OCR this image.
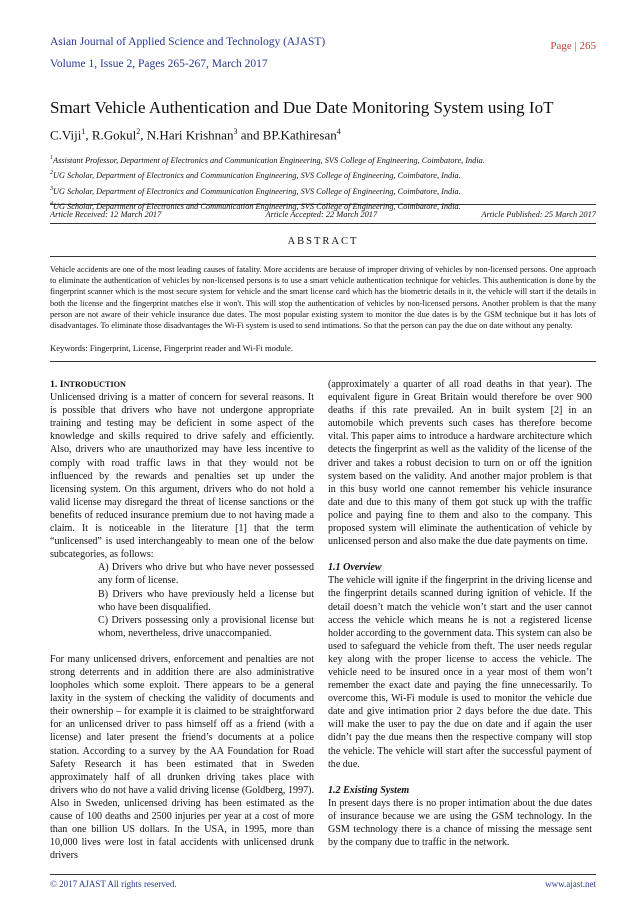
Asian Journal of Applied Science and Technology (AJAST)
Volume 1, Issue 2, Pages 265-267, March 2017
Page | 265
Smart Vehicle Authentication and Due Date Monitoring System using IoT
C.Viji$^1$, R.Gokul$^2$, N.Hari Krishnan$^3$ and BP.Kathiresan$^4$
$^1$Assistant Professor, Department of Electronics and Communication Engineering, SVS College of Engineering, Coimbatore, India.
$^2$UG Scholar, Department of Electronics and Communication Engineering, SVS College of Engineering, Coimbatore, India.
$^3$UG Scholar, Department of Electronics and Communication Engineering, SVS College of Engineering, Coimbatore, India.
$^4$UG Scholar, Department of Electronics and Communication Engineering, SVS College of Engineering, Coimbatore, India.
Article Received: 12 March 2017	Article Accepted: 22 March 2017	Article Published: 25 March 2017
ABSTRACT
Vehicle accidents are one of the most leading causes of fatality. More accidents are because of improper driving of vehicles by non-licensed persons. One approach to eliminate the authentication of vehicles by non-licensed persons is to use a smart vehicle authentication technique for vehicles. This authentication is done by the fingerprint scanner which is the most secure system for vehicle and the smart license card which has the biometric details in it, the vehicle will start if the details in both the license and the fingerprint matches else it won't. This will stop the authentication of vehicles by non-licensed persons. Another problem is that the many person are not aware of their vehicle insurance due dates. The most popular existing system to monitor the due dates is by the GSM technique but it has lots of disadvantages. To eliminate those disadvantages the Wi-Fi system is used to send intimations. So that the person can pay the due on date without any penalty.
Keywords: Fingerprint, License, Fingerprint reader and Wi-Fi module.

1. INTRODUCTION

Unlicensed driving is a matter of concern for several reasons. It is possible that drivers who have not undergone appropriate training and testing may be deficient in some aspect of the knowledge and skills required to drive safely and efficiently. Also, drivers who are unauthorized may have less incentive to comply with road traffic laws in that they would not be influenced by the rewards and penalties set up under the licensing system. On this argument, drivers who do not hold a valid license may disregard the threat of license sanctions or the benefits of reduced insurance premium due to not having made a claim. It is noticeable in the literature [1] that the term “unlicensed” is used interchangeably to mean one of the below subcategories, as follows:

A) Drivers who drive but who have never possessed any form of license.

B) Drivers who have previously held a license but who have been disqualified.

C) Drivers possessing only a provisional license but whom, nevertheless, drive unaccompanied.

For many unlicensed drivers, enforcement and penalties are not strong deterrents and in addition there are also administrative loopholes which some exploit. There appears to be a general laxity in the system of checking the validity of documents and their ownership – for example it is claimed to be straightforward for an unlicensed driver to pass himself off as a friend (with a license) and later present the friend’s documents at a police station. According to a survey by the AA Foundation for Road Safety Research it has been estimated that in Sweden approximately half of all drunken driving takes place with drivers who do not have a valid driving license (Goldberg, 1997). Also in Sweden, unlicensed driving has been estimated as the cause of 100 deaths and 2500 injuries per year at a cost of more than one billion US dollars. In the USA, in 1995, more than 10,000 lives were lost in fatal accidents with unlicensed drunk drivers

(approximately a quarter of all road deaths in that year). The equivalent figure in Great Britain would therefore be over 900 deaths if this rate prevailed. An in built system [2] in an automobile which prevents such cases has therefore become vital. This paper aims to introduce a hardware architecture which detects the fingerprint as well as the validity of the license of the driver and takes a robust decision to turn on or off the ignition system based on the validity. And another major problem is that in this busy world one cannot remember his vehicle insurance date and due to this many of them got stuck up with the traffic police and paying fine to them and also to the company. This proposed system will eliminate the authentication of vehicle by unlicensed person and also make the due date payments on time.

1.1 Overview

The vehicle will ignite if the fingerprint in the driving license and the fingerprint details scanned during ignition of vehicle. If the detail doesn’t match the vehicle won’t start and the user cannot access the vehicle which means he is not a registered license holder according to the government data. This system can also be used to safeguard the vehicle from theft. The user needs regular key along with the proper license to access the vehicle. The vehicle need to be insured once in a year most of them won’t remember the exact date and paying the fine unnecessarily. To overcome this, Wi-Fi module is used to monitor the vehicle due date and give intimation prior 2 days before the due date. This will make the user to pay the due on date and if again the user didn’t pay the due means then the respective company will stop the vehicle. The vehicle will start after the successful payment of the due.

1.2 Existing System

In present days there is no proper intimation about the due dates of insurance because we are using the GSM technology. In the GSM technology there is a chance of missing the message sent by the company due to traffic in the network.

© 2017 AJAST All rights reserved.	www.ajast.net
